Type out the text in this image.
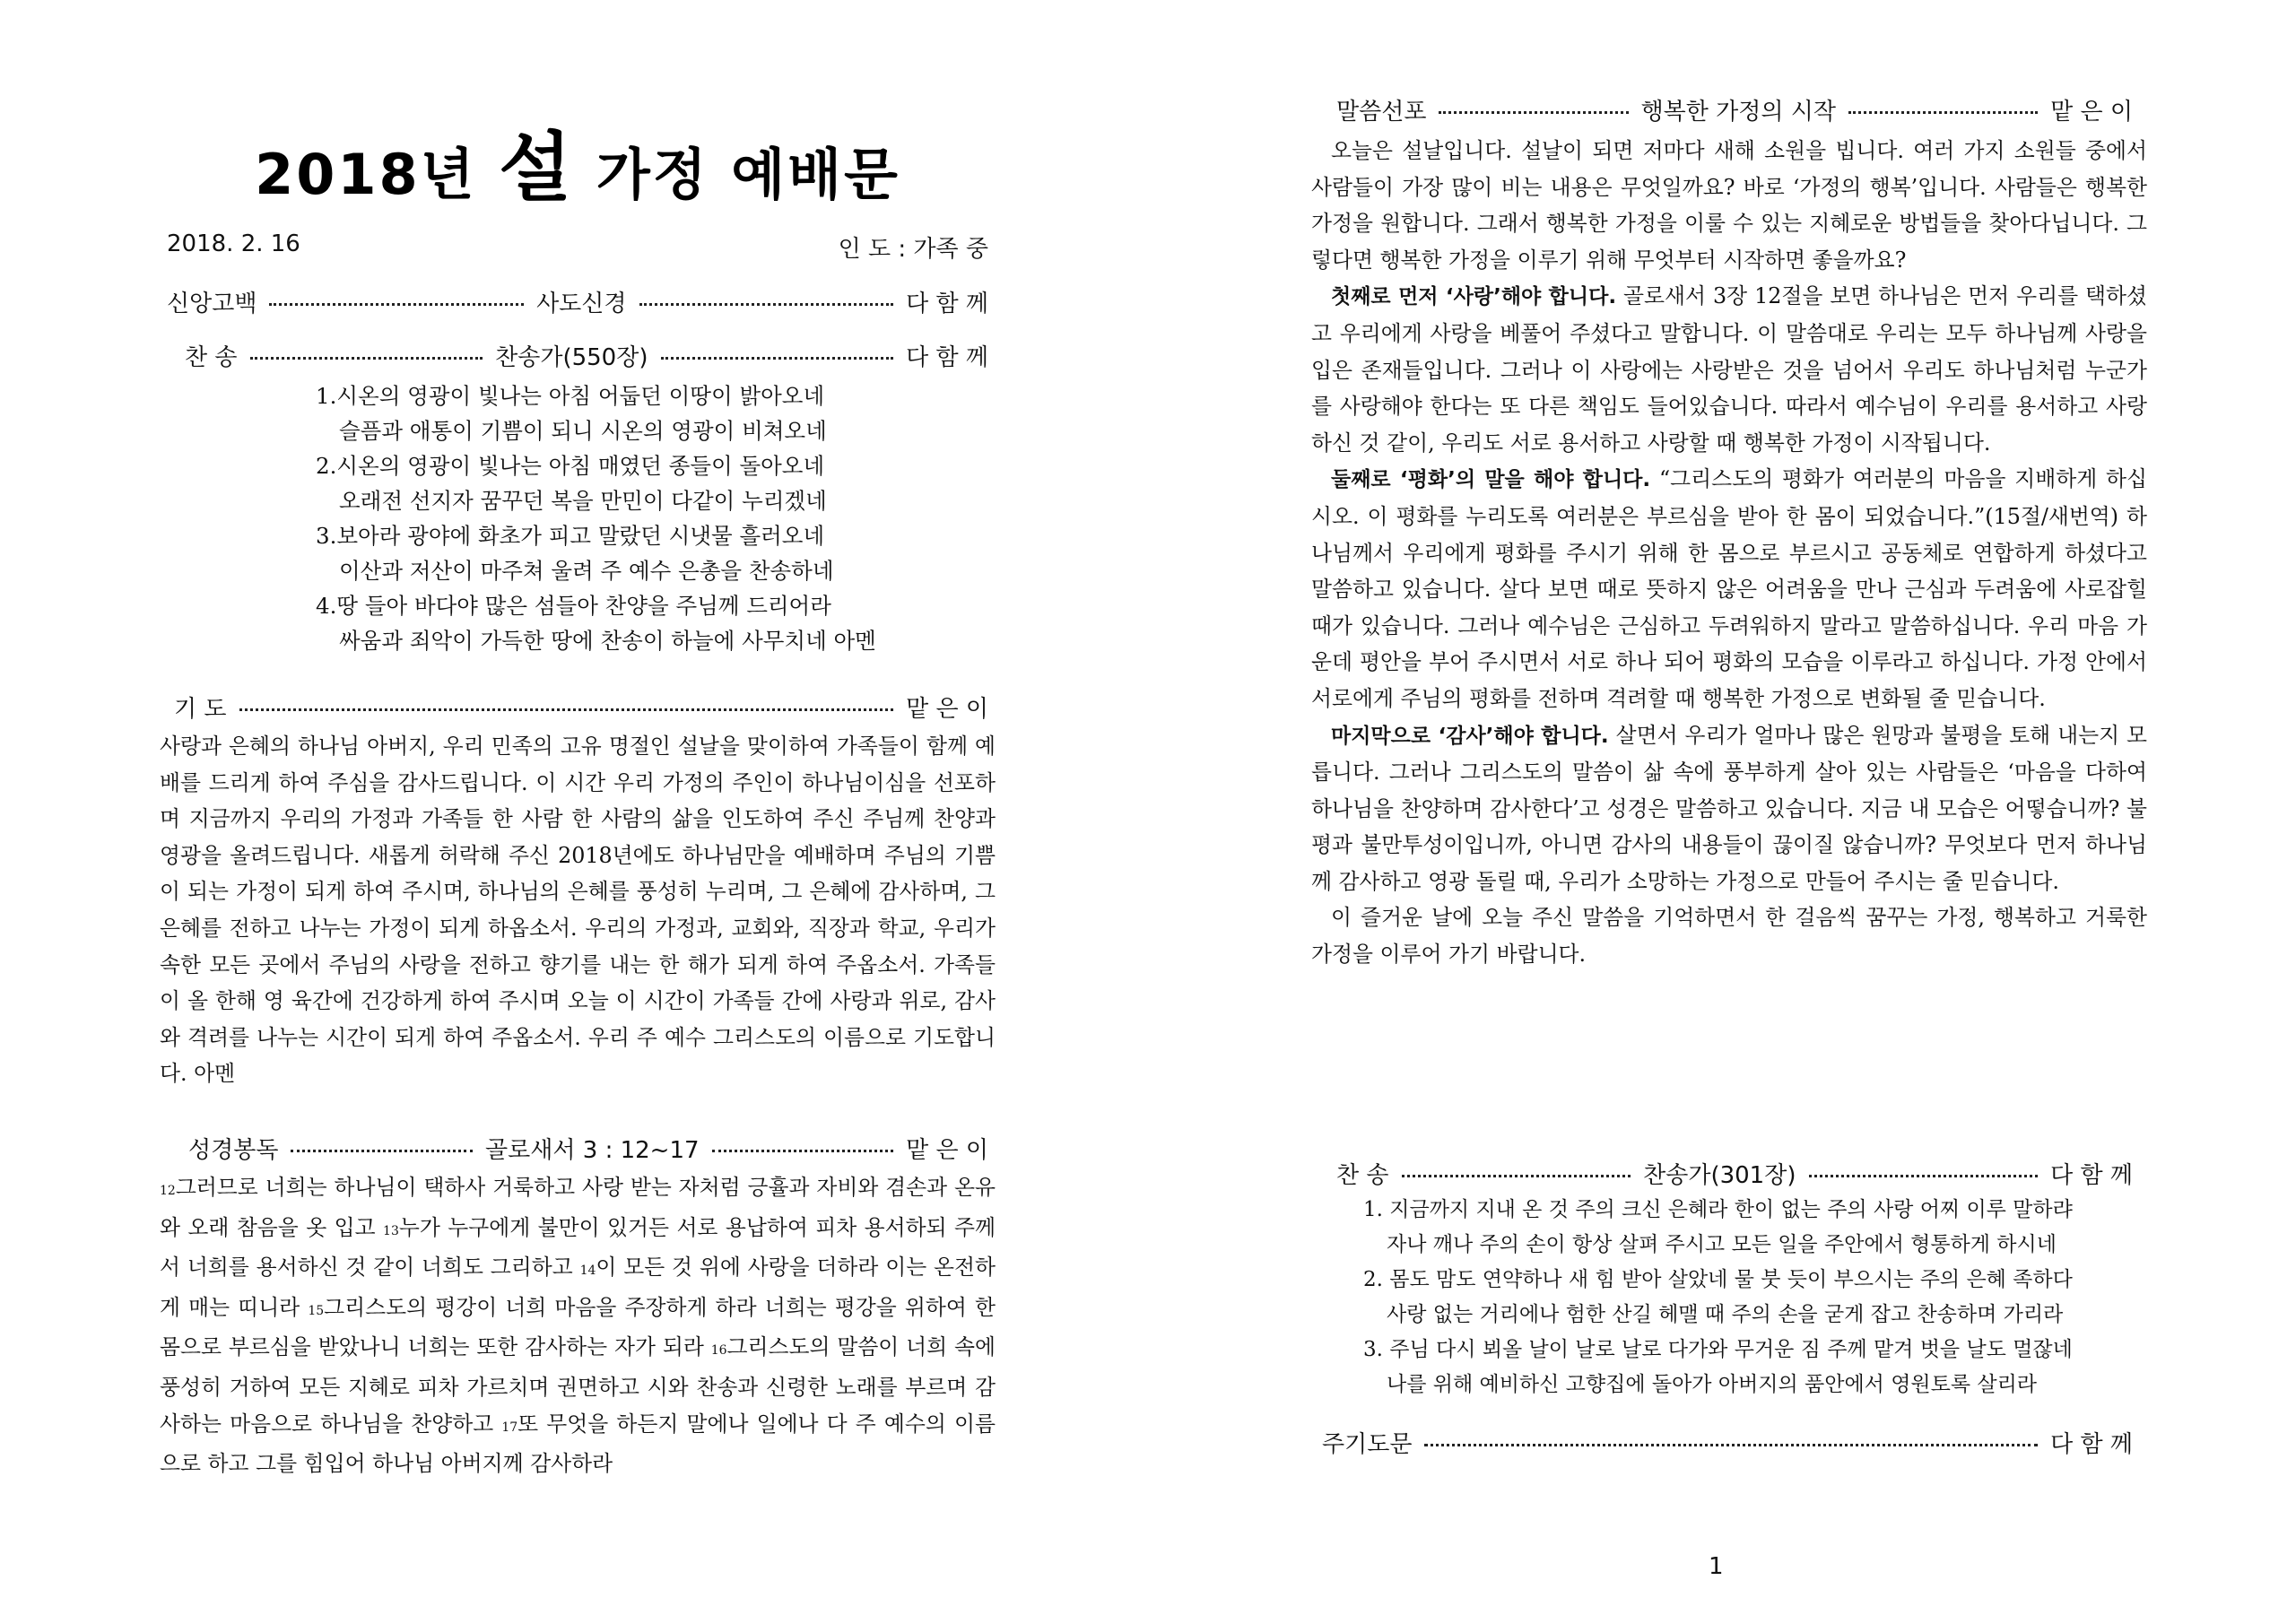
2018년 설 가정 예배문
2018. 2. 16	인 도 : 가족 중
신앙고백	사도신경	다 함 께
찬 송	찬송가(550장)	다 함 께
1.시온의 영광이 빛나는 아침 어둡던 이땅이 밝아오네
슬픔과 애통이 기쁨이 되니 시온의 영광이 비쳐오네
2.시온의 영광이 빛나는 아침 매였던 종들이 돌아오네
오래전 선지자 꿈꾸던 복을 만민이 다같이 누리겠네
3.보아라 광야에 화초가 피고 말랐던 시냇물 흘러오네
이산과 저산이 마주쳐 울려 주 예수 은총을 찬송하네
4.땅 들아 바다야 많은 섬들아 찬양을 주님께 드리어라
싸움과 죄악이 가득한 땅에 찬송이 하늘에 사무치네 아멘
기 도	맡 은 이

사랑과 은혜의 하나님 아버지, 우리 민족의 고유 명절인 설날을 맞이하여 가족들이 함께 예배를 드리게 하여 주심을 감사드립니다. 이 시간 우리 가정의 주인이 하나님이심을 선포하며 지금까지 우리의 가정과 가족들 한 사람 한 사람의 삶을 인도하여 주신 주님께 찬양과 영광을 올려드립니다. 새롭게 허락해 주신 2018년에도 하나님만을 예배하며 주님의 기쁨이 되는 가정이 되게 하여 주시며, 하나님의 은혜를 풍성히 누리며, 그 은혜에 감사하며, 그 은혜를 전하고 나누는 가정이 되게 하옵소서. 우리의 가정과, 교회와, 직장과 학교, 우리가 속한 모든 곳에서 주님의 사랑을 전하고 향기를 내는 한 해가 되게 하여 주옵소서. 가족들이 올 한해 영 육간에 건강하게 하여 주시며 오늘 이 시간이 가족들 간에 사랑과 위로, 감사와 격려를 나누는 시간이 되게 하여 주옵소서. 우리 주 예수 그리스도의 이름으로 기도합니다. 아멘

성경봉독	골로새서 3 : 12~17	맡 은 이

12그러므로 너희는 하나님이 택하사 거룩하고 사랑 받는 자처럼 긍휼과 자비와 겸손과 온유와 오래 참음을 옷 입고 13누가 누구에게 불만이 있거든 서로 용납하여 피차 용서하되 주께서 너희를 용서하신 것 같이 너희도 그리하고 14이 모든 것 위에 사랑을 더하라 이는 온전하게 매는 띠니라 15그리스도의 평강이 너희 마음을 주장하게 하라 너희는 평강을 위하여 한 몸으로 부르심을 받았나니 너희는 또한 감사하는 자가 되라 16그리스도의 말씀이 너희 속에 풍성히 거하여 모든 지혜로 피차 가르치며 권면하고 시와 찬송과 신령한 노래를 부르며 감사하는 마음으로 하나님을 찬양하고 17또 무엇을 하든지 말에나 일에나 다 주 예수의 이름으로 하고 그를 힘입어 하나님 아버지께 감사하라

말씀선포	행복한 가정의 시작	맡 은 이

오늘은 설날입니다. 설날이 되면 저마다 새해 소원을 빕니다. 여러 가지 소원들 중에서 사람들이 가장 많이 비는 내용은 무엇일까요? 바로 ‘가정의 행복’입니다. 사람들은 행복한 가정을 원합니다. 그래서 행복한 가정을 이룰 수 있는 지혜로운 방법들을 찾아다닙니다. 그렇다면 행복한 가정을 이루기 위해 무엇부터 시작하면 좋을까요?

첫째로 먼저 ‘사랑’해야 합니다. 골로새서 3장 12절을 보면 하나님은 먼저 우리를 택하셨고 우리에게 사랑을 베풀어 주셨다고 말합니다. 이 말씀대로 우리는 모두 하나님께 사랑을 입은 존재들입니다. 그러나 이 사랑에는 사랑받은 것을 넘어서 우리도 하나님처럼 누군가를 사랑해야 한다는 또 다른 책임도 들어있습니다. 따라서 예수님이 우리를 용서하고 사랑하신 것 같이, 우리도 서로 용서하고 사랑할 때 행복한 가정이 시작됩니다.

둘째로 ‘평화’의 말을 해야 합니다. “그리스도의 평화가 여러분의 마음을 지배하게 하십시오. 이 평화를 누리도록 여러분은 부르심을 받아 한 몸이 되었습니다.”(15절/새번역) 하나님께서 우리에게 평화를 주시기 위해 한 몸으로 부르시고 공동체로 연합하게 하셨다고 말씀하고 있습니다. 살다 보면 때로 뜻하지 않은 어려움을 만나 근심과 두려움에 사로잡힐 때가 있습니다. 그러나 예수님은 근심하고 두려워하지 말라고 말씀하십니다. 우리 마음 가운데 평안을 부어 주시면서 서로 하나 되어 평화의 모습을 이루라고 하십니다. 가정 안에서 서로에게 주님의 평화를 전하며 격려할 때 행복한 가정으로 변화될 줄 믿습니다.

마지막으로 ‘감사’해야 합니다. 살면서 우리가 얼마나 많은 원망과 불평을 토해 내는지 모릅니다. 그러나 그리스도의 말씀이 삶 속에 풍부하게 살아 있는 사람들은 ‘마음을 다하여 하나님을 찬양하며 감사한다’고 성경은 말씀하고 있습니다. 지금 내 모습은 어떻습니까? 불평과 불만투성이입니까, 아니면 감사의 내용들이 끊이질 않습니까? 무엇보다 먼저 하나님께 감사하고 영광 돌릴 때, 우리가 소망하는 가정으로 만들어 주시는 줄 믿습니다.

이 즐거운 날에 오늘 주신 말씀을 기억하면서 한 걸음씩 꿈꾸는 가정, 행복하고 거룩한 가정을 이루어 가기 바랍니다.

찬 송	찬송가(301장)	다 함 께
1. 지금까지 지내 온 것 주의 크신 은혜라 한이 없는 주의 사랑 어찌 이루 말하랴
자나 깨나 주의 손이 항상 살펴 주시고 모든 일을 주안에서 형통하게 하시네
2. 몸도 맘도 연약하나 새 힘 받아 살았네 물 붓 듯이 부으시는 주의 은혜 족하다
사랑 없는 거리에나 험한 산길 헤맬 때 주의 손을 굳게 잡고 찬송하며 가리라
3. 주님 다시 뵈올 날이 날로 날로 다가와 무거운 짐 주께 맡겨 벗을 날도 멀잖네
나를 위해 예비하신 고향집에 돌아가 아버지의 품안에서 영원토록 살리라
주기도문	다 함 께
1
